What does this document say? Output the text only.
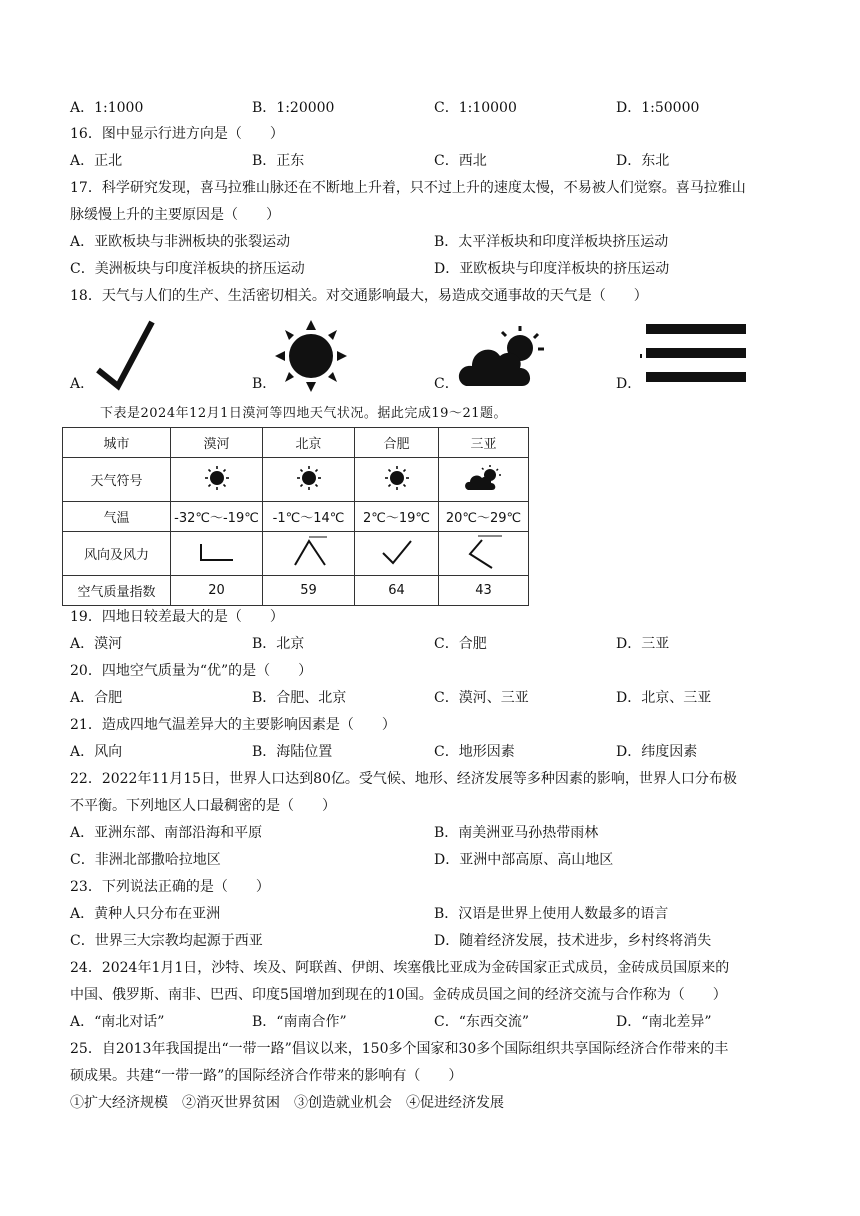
A．1:1000	B．1:20000	C．1:10000	D．1:50000
16．图中显示行进方向是（　　）
A．正北	B．正东	C．西北	D．东北
17．科学研究发现，喜马拉雅山脉还在不断地上升着，只不过上升的速度太慢，不易被人们觉察。喜马拉雅山
脉缓慢上升的主要原因是（　　）
A．亚欧板块与非洲板块的张裂运动	B．太平洋板块和印度洋板块挤压运动
C．美洲板块与印度洋板块的挤压运动	D．亚欧板块与印度洋板块的挤压运动
18．天气与人们的生产、生活密切相关。对交通影响最大，易造成交通事故的天气是（　　）
A．	B．	C．	D．
下表是2024年12月1日漠河等四地天气状况。据此完成19～21题。
城市	漠河	北京	合肥	三亚
天气符号				
气温	-32℃～-19℃	-1℃～14℃	2℃～19℃	20℃～29℃
风向及风力				
空气质量指数	20	59	64	43
19．四地日较差最大的是（　　）
A．漠河	B．北京	C．合肥	D．三亚
20．四地空气质量为“优”的是（　　）
A．合肥	B．合肥、北京	C．漠河、三亚	D．北京、三亚
21．造成四地气温差异大的主要影响因素是（　　）
A．风向	B．海陆位置	C．地形因素	D．纬度因素
22．2022年11月15日，世界人口达到80亿。受气候、地形、经济发展等多种因素的影响，世界人口分布极
不平衡。下列地区人口最稠密的是（　　）
A．亚洲东部、南部沿海和平原	B．南美洲亚马孙热带雨林
C．非洲北部撒哈拉地区	D．亚洲中部高原、高山地区
23．下列说法正确的是（　　）
A．黄种人只分布在亚洲	B．汉语是世界上使用人数最多的语言
C．世界三大宗教均起源于西亚	D．随着经济发展，技术进步，乡村终将消失
24．2024年1月1日，沙特、埃及、阿联酋、伊朗、埃塞俄比亚成为金砖国家正式成员，金砖成员国原来的
中国、俄罗斯、南非、巴西、印度5国增加到现在的10国。金砖成员国之间的经济交流与合作称为（　　）
A．“南北对话”	B．“南南合作”	C．“东西交流”	D．“南北差异”
25．自2013年我国提出“一带一路”倡议以来，150多个国家和30多个国际组织共享国际经济合作带来的丰
硕成果。共建“一带一路”的国际经济合作带来的影响有（　　）
①扩大经济规模　②消灭世界贫困　③创造就业机会　④促进经济发展
